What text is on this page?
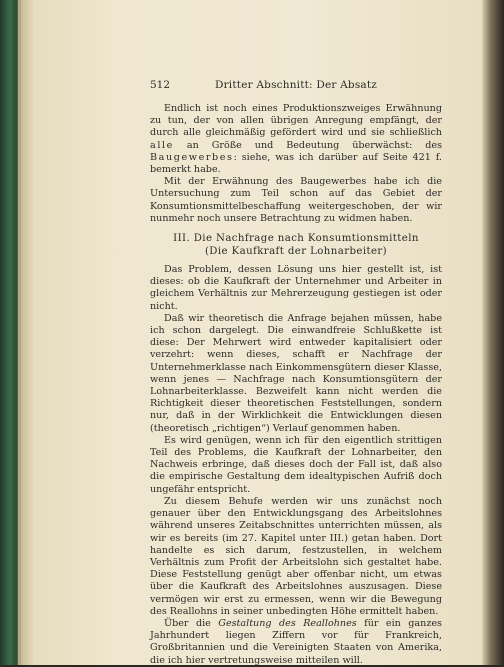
512	Dritter Abschnitt: Der Absatz

Endlich ist noch eines Produktionszweiges Erwähnung zu tun, der von allen übrigen Anregung empfängt, der durch alle gleichmäßig gefördert wird und sie schließlich alle an Größe und Bedeutung überwächst: des Baugewerbes: siehe, was ich darüber auf Seite 421 f. bemerkt habe.

Mit der Erwähnung des Baugewerbes habe ich die Untersuchung zum Teil schon auf das Gebiet der Konsumtionsmittelbeschaffung weitergeschoben, der wir nunmehr noch unsere Betrachtung zu widmen haben.

III. Die Nachfrage nach Konsumtionsmitteln
(Die Kaufkraft der Lohnarbeiter)

Das Problem, dessen Lösung uns hier gestellt ist, ist dieses: ob die Kaufkraft der Unternehmer und Arbeiter in gleichem Verhältnis zur Mehrerzeugung gestiegen ist oder nicht.

Daß wir theoretisch die Anfrage bejahen müssen, habe ich schon dargelegt. Die einwandfreie Schlußkette ist diese: Der Mehrwert wird entweder kapitalisiert oder verzehrt: wenn dieses, schafft er Nachfrage der Unternehmerklasse nach Einkommensgütern dieser Klasse, wenn jenes — Nachfrage nach Konsumtionsgütern der Lohnarbeiterklasse. Bezweifelt kann nicht werden die Richtigkeit dieser theoretischen Feststellungen, sondern nur, daß in der Wirklichkeit die Entwicklungen diesen (theoretisch „richtigen“) Verlauf genommen haben.

Es wird genügen, wenn ich für den eigentlich strittigen Teil des Problems, die Kaufkraft der Lohnarbeiter, den Nachweis erbringe, daß dieses doch der Fall ist, daß also die empirische Gestaltung dem idealtypischen Aufriß doch ungefähr entspricht.

Zu diesem Behufe werden wir uns zunächst noch genauer über den Entwicklungsgang des Arbeitslohnes während unseres Zeitabschnittes unterrichten müssen, als wir es bereits (im 27. Kapitel unter III.) getan haben. Dort handelte es sich darum, festzustellen, in welchem Verhältnis zum Profit der Arbeitslohn sich gestaltet habe. Diese Feststellung genügt aber offenbar nicht, um etwas über die Kaufkraft des Arbeitslohnes auszusagen. Diese vermögen wir erst zu ermessen, wenn wir die Bewegung des Reallohns in seiner unbedingten Höhe ermittelt haben.

Über die Gestaltung des Reallohnes für ein ganzes Jahrhundert liegen Ziffern vor für Frankreich, Großbritannien und die Vereinigten Staaten von Amerika, die ich hier vertretungsweise mitteilen will.
